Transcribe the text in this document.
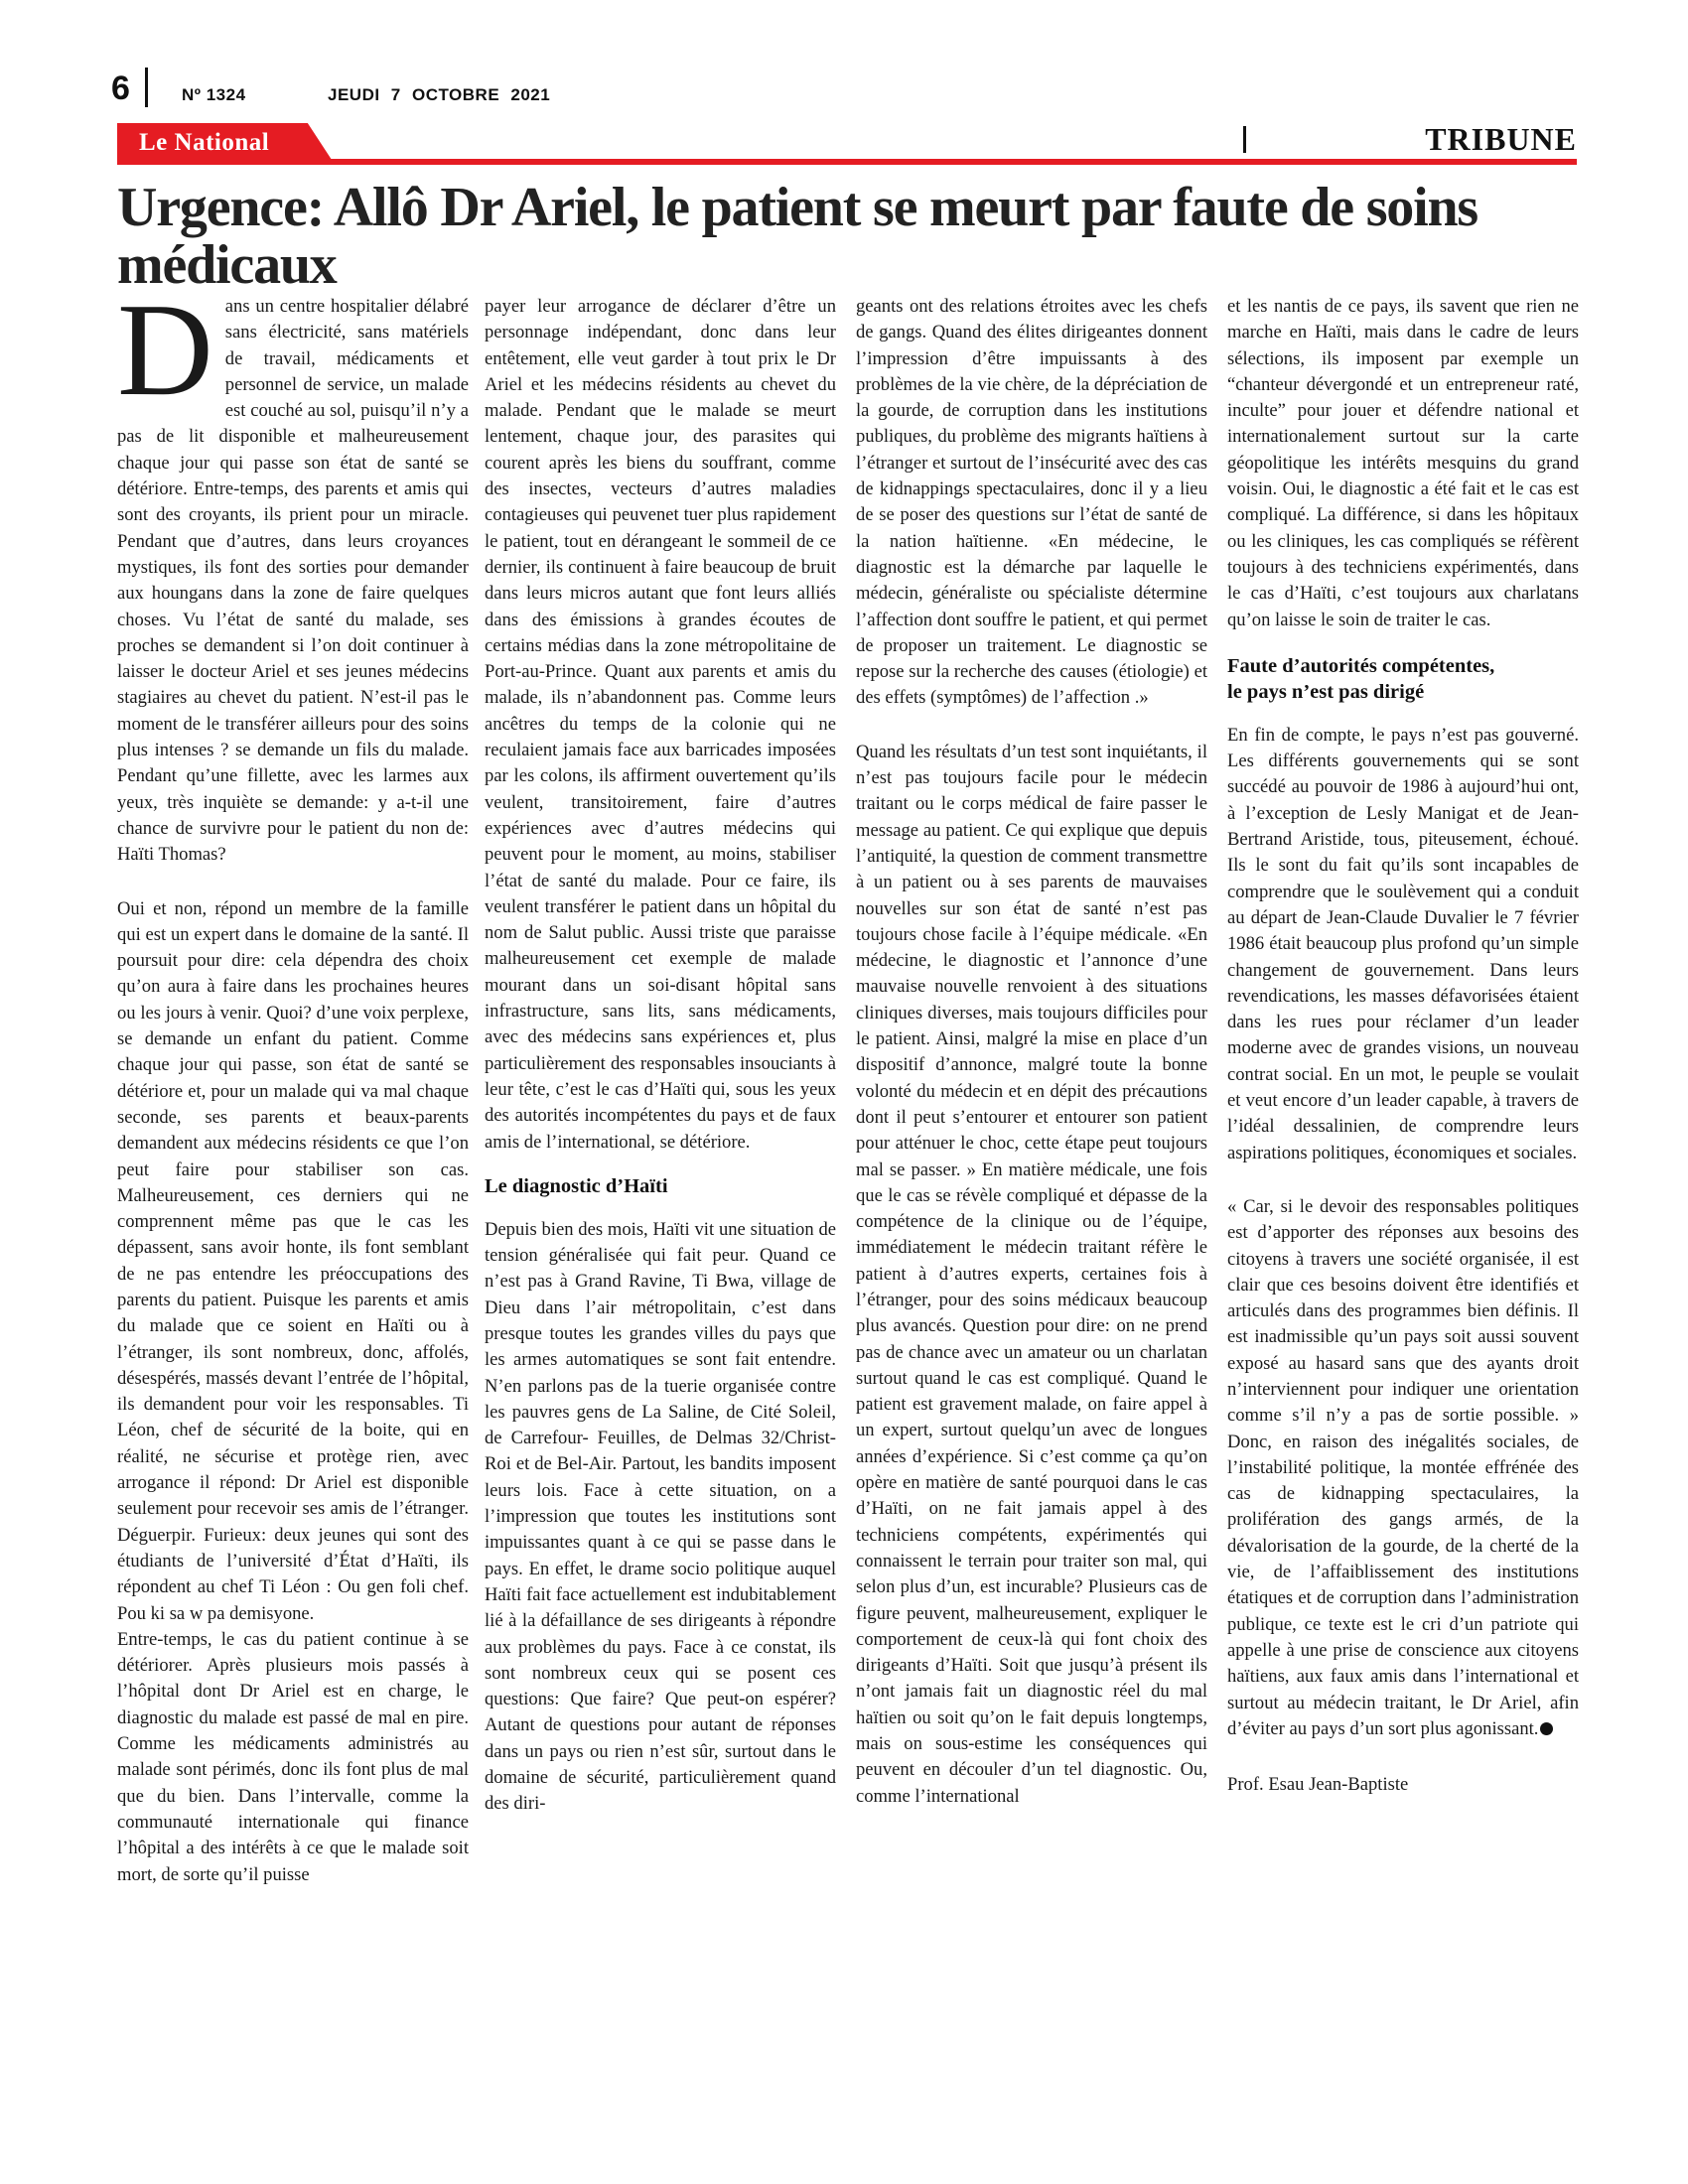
6	Nº 1324	JEUDI 7 OCTOBRE 2021
Le National	TRIBUNE
Urgence: Allô Dr Ariel, le patient se meurt par faute de soins médicaux

Dans un centre hospitalier délabré sans électricité, sans matériels de travail, médicaments et personnel de service, un malade est couché au sol, puisqu’il n’y a pas de lit disponible et malheureusement chaque jour qui passe son état de santé se détériore. Entre-temps, des parents et amis qui sont des croyants, ils prient pour un miracle. Pendant que d’autres, dans leurs croyances mystiques, ils font des sorties pour demander aux houngans dans la zone de faire quelques choses. Vu l’état de santé du malade, ses proches se demandent si l’on doit continuer à laisser le docteur Ariel et ses jeunes médecins stagiaires au chevet du patient. N’est-il pas le moment de le transférer ailleurs pour des soins plus intenses ? se demande un fils du malade. Pendant qu’une fillette, avec les larmes aux yeux, très inquiète se demande: y a-t-il une chance de survivre pour le patient du non de: Haïti Thomas?

Oui et non, répond un membre de la famille qui est un expert dans le domaine de la santé. Il poursuit pour dire: cela dépendra des choix qu’on aura à faire dans les prochaines heures ou les jours à venir. Quoi? d’une voix perplexe, se demande un enfant du patient. Comme chaque jour qui passe, son état de santé se détériore et, pour un malade qui va mal chaque seconde, ses parents et beaux-parents demandent aux médecins résidents ce que l’on peut faire pour stabiliser son cas. Malheureusement, ces derniers qui ne comprennent même pas que le cas les dépassent, sans avoir honte, ils font semblant de ne pas entendre les préoccupations des parents du patient. Puisque les parents et amis du malade que ce soient en Haïti ou à l’étranger, ils sont nombreux, donc, affolés, désespérés, massés devant l’entrée de l’hôpital, ils demandent pour voir les responsables. Ti Léon, chef de sécurité de la boite, qui en réalité, ne sécurise et protège rien, avec arrogance il répond: Dr Ariel est disponible seulement pour recevoir ses amis de l’étranger. Déguerpir. Furieux: deux jeunes qui sont des étudiants de l’université d’État d’Haïti, ils répondent au chef Ti Léon : Ou gen foli chef. Pou ki sa w pa demisyone.

Entre-temps, le cas du patient continue à se détériorer. Après plusieurs mois passés à l’hôpital dont Dr Ariel est en charge, le diagnostic du malade est passé de mal en pire. Comme les médicaments administrés au malade sont périmés, donc ils font plus de mal que du bien. Dans l’intervalle, comme la communauté internationale qui finance l’hôpital a des intérêts à ce que le malade soit mort, de sorte qu’il puisse

payer leur arrogance de déclarer d’être un personnage indépendant, donc dans leur entêtement, elle veut garder à tout prix le Dr Ariel et les médecins résidents au chevet du malade. Pendant que le malade se meurt lentement, chaque jour, des parasites qui courent après les biens du souffrant, comme des insectes, vecteurs d’autres maladies contagieuses qui peuvenet tuer plus rapidement le patient, tout en dérangeant le sommeil de ce dernier, ils continuent à faire beaucoup de bruit dans leurs micros autant que font leurs alliés dans des émissions à grandes écoutes de certains médias dans la zone métropolitaine de Port-au-Prince. Quant aux parents et amis du malade, ils n’abandonnent pas. Comme leurs ancêtres du temps de la colonie qui ne reculaient jamais face aux barricades imposées par les colons, ils affirment ouvertement qu’ils veulent, transitoirement, faire d’autres expériences avec d’autres médecins qui peuvent pour le moment, au moins, stabiliser l’état de santé du malade. Pour ce faire, ils veulent transférer le patient dans un hôpital du nom de Salut public. Aussi triste que paraisse malheureusement cet exemple de malade mourant dans un soi-disant hôpital sans infrastructure, sans lits, sans médicaments, avec des médecins sans expériences et, plus particulièrement des responsables insouciants à leur tête, c’est le cas d’Haïti qui, sous les yeux des autorités incompétentes du pays et de faux amis de l’international, se détériore.

Le diagnostic d’Haïti

Depuis bien des mois, Haïti vit une situation de tension généralisée qui fait peur. Quand ce n’est pas à Grand Ravine, Ti Bwa, village de Dieu dans l’air métropolitain, c’est dans presque toutes les grandes villes du pays que les armes automatiques se sont fait entendre. N’en parlons pas de la tuerie organisée contre les pauvres gens de La Saline, de Cité Soleil, de Carrefour- Feuilles, de Delmas 32/Christ-Roi et de Bel-Air. Partout, les bandits imposent leurs lois. Face à cette situation, on a l’impression que toutes les institutions sont impuissantes quant à ce qui se passe dans le pays. En effet, le drame socio politique auquel Haïti fait face actuellement est indubitablement lié à la défaillance de ses dirigeants à répondre aux problèmes du pays. Face à ce constat, ils sont nombreux ceux qui se posent ces questions: Que faire? Que peut-on espérer? Autant de questions pour autant de réponses dans un pays ou rien n’est sûr, surtout dans le domaine de sécurité, particulièrement quand des diri-

geants ont des relations étroites avec les chefs de gangs. Quand des élites dirigeantes donnent l’impression d’être impuissants à des problèmes de la vie chère, de la dépréciation de la gourde, de corruption dans les institutions publiques, du problème des migrants haïtiens à l’étranger et surtout de l’insécurité avec des cas de kidnappings spectaculaires, donc il y a lieu de se poser des questions sur l’état de santé de la nation haïtienne. «En médecine, le diagnostic est la démarche par laquelle le médecin, généraliste ou spécialiste détermine l’affection dont souffre le patient, et qui permet de proposer un traitement. Le diagnostic se repose sur la recherche des causes (étiologie) et des effets (symptômes) de l’affection .»

Quand les résultats d’un test sont inquiétants, il n’est pas toujours facile pour le médecin traitant ou le corps médical de faire passer le message au patient. Ce qui explique que depuis l’antiquité, la question de comment transmettre à un patient ou à ses parents de mauvaises nouvelles sur son état de santé n’est pas toujours chose facile à l’équipe médicale. «En médecine, le diagnostic et l’annonce d’une mauvaise nouvelle renvoient à des situations cliniques diverses, mais toujours difficiles pour le patient. Ainsi, malgré la mise en place d’un dispositif d’annonce, malgré toute la bonne volonté du médecin et en dépit des précautions dont il peut s’entourer et entourer son patient pour atténuer le choc, cette étape peut toujours mal se passer. » En matière médicale, une fois que le cas se révèle compliqué et dépasse de la compétence de la clinique ou de l’équipe, immédiatement le médecin traitant réfère le patient à d’autres experts, certaines fois à l’étranger, pour des soins médicaux beaucoup plus avancés. Question pour dire: on ne prend pas de chance avec un amateur ou un charlatan surtout quand le cas est compliqué. Quand le patient est gravement malade, on faire appel à un expert, surtout quelqu’un avec de longues années d’expérience. Si c’est comme ça qu’on opère en matière de santé pourquoi dans le cas d’Haïti, on ne fait jamais appel à des techniciens compétents, expérimentés qui connaissent le terrain pour traiter son mal, qui selon plus d’un, est incurable? Plusieurs cas de figure peuvent, malheureusement, expliquer le comportement de ceux-là qui font choix des dirigeants d’Haïti. Soit que jusqu’à présent ils n’ont jamais fait un diagnostic réel du mal haïtien ou soit qu’on le fait depuis longtemps, mais on sous-estime les conséquences qui peuvent en découler d’un tel diagnostic. Ou, comme l’international

et les nantis de ce pays, ils savent que rien ne marche en Haïti, mais dans le cadre de leurs sélections, ils imposent par exemple un “chanteur dévergondé et un entrepreneur raté, inculte” pour jouer et défendre national et internationalement surtout sur la carte géopolitique les intérêts mesquins du grand voisin. Oui, le diagnostic a été fait et le cas est compliqué. La différence, si dans les hôpitaux ou les cliniques, les cas compliqués se réfèrent toujours à des techniciens expérimentés, dans le cas d’Haïti, c’est toujours aux charlatans qu’on laisse le soin de traiter le cas.

Faute d’autorités compétentes,
le pays n’est pas dirigé

En fin de compte, le pays n’est pas gouverné. Les différents gouvernements qui se sont succédé au pouvoir de 1986 à aujourd’hui ont, à l’exception de Lesly Manigat et de Jean-Bertrand Aristide, tous, piteusement, échoué. Ils le sont du fait qu’ils sont incapables de comprendre que le soulèvement qui a conduit au départ de Jean-Claude Duvalier le 7 février 1986 était beaucoup plus profond qu’un simple changement de gouvernement. Dans leurs revendications, les masses défavorisées étaient dans les rues pour réclamer d’un leader moderne avec de grandes visions, un nouveau contrat social. En un mot, le peuple se voulait et veut encore d’un leader capable, à travers de l’idéal dessalinien, de comprendre leurs aspirations politiques, économiques et sociales.

« Car, si le devoir des responsables politiques est d’apporter des réponses aux besoins des citoyens à travers une société organisée, il est clair que ces besoins doivent être identifiés et articulés dans des programmes bien définis. Il est inadmissible qu’un pays soit aussi souvent exposé au hasard sans que des ayants droit n’interviennent pour indiquer une orientation comme s’il n’y a pas de sortie possible. » Donc, en raison des inégalités sociales, de l’instabilité politique, la montée effrénée des cas de kidnapping spectaculaires, la prolifération des gangs armés, de la dévalorisation de la gourde, de la cherté de la vie, de l’affaiblissement des institutions étatiques et de corruption dans l’administration publique, ce texte est le cri d’un patriote qui appelle à une prise de conscience aux citoyens haïtiens, aux faux amis dans l’international et surtout au médecin traitant, le Dr Ariel, afin d’éviter au pays d’un sort plus agonissant.

Prof. Esau Jean-Baptiste
